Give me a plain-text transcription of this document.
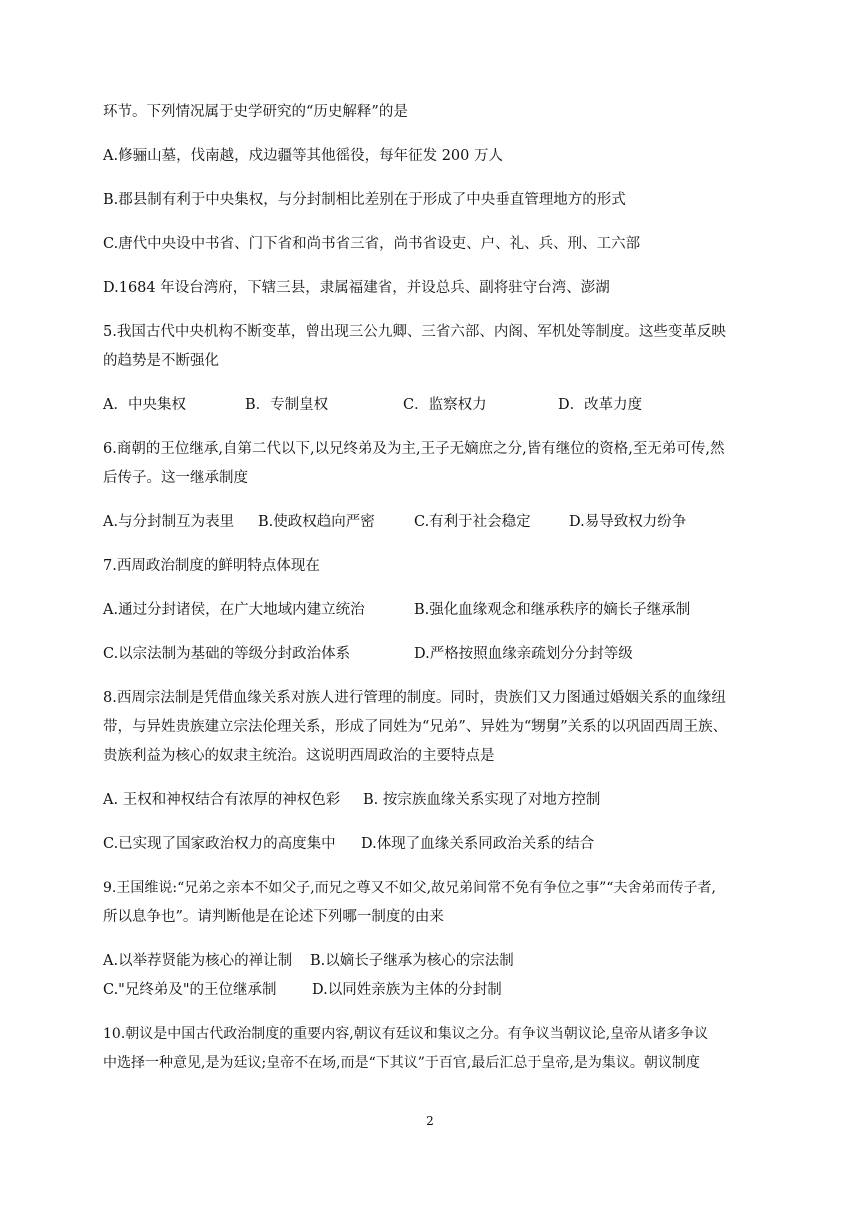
环节。下列情况属于史学研究的“历史解释”的是
A.修骊山墓，伐南越，戍边疆等其他徭役，每年征发 200 万人
B.郡县制有利于中央集权，与分封制相比差别在于形成了中央垂直管理地方的形式
C.唐代中央设中书省、门下省和尚书省三省，尚书省设吏、户、礼、兵、刑、工六部
D.1684 年设台湾府，下辖三县，隶属福建省，并设总兵、副将驻守台湾、澎湖
5.我国古代中央机构不断变革，曾出现三公九卿、三省六部、内阁、军机处等制度。这些变革反映
的趋势是不断强化
A．中央集权	B．专制皇权	C．监察权力	D．改革力度
6.商朝的王位继承,自第二代以下,以兄终弟及为主,王子无嫡庶之分,皆有继位的资格,至无弟可传,然
后传子。这一继承制度
A.与分封制互为表里 B.使政权趋向严密	C.有利于社会稳定	D.易导致权力纷争
7.西周政治制度的鲜明特点体现在
A.通过分封诸侯，在广大地域内建立统治	B.强化血缘观念和继承秩序的嫡长子继承制
C.以宗法制为基础的等级分封政治体系	D.严格按照血缘亲疏划分分封等级
8.西周宗法制是凭借血缘关系对族人进行管理的制度。同时，贵族们又力图通过婚姻关系的血缘纽
带，与异姓贵族建立宗法伦理关系，形成了同姓为“兄弟”、异姓为“甥舅”关系的以巩固西周王族、
贵族利益为核心的奴隶主统治。这说明西周政治的主要特点是
A. 王权和神权结合有浓厚的神权色彩 B. 按宗族血缘关系实现了对地方控制
C.已实现了国家政治权力的高度集中 D.体现了血缘关系同政治关系的结合
9.王国维说:“兄弟之亲本不如父子,而兄之尊又不如父,故兄弟间常不免有争位之事”“夫舍弟而传子者,
所以息争也”。请判断他是在论述下列哪一制度的由来
A.以举荐贤能为核心的禅让制 B.以嫡长子继承为核心的宗法制
C."兄终弟及"的王位继承制 D.以同姓亲族为主体的分封制
10.朝议是中国古代政治制度的重要内容,朝议有廷议和集议之分。有争议当朝议论,皇帝从诸多争议
中选择一种意见,是为廷议;皇帝不在场,而是“下其议”于百官,最后汇总于皇帝,是为集议。朝议制度
2
